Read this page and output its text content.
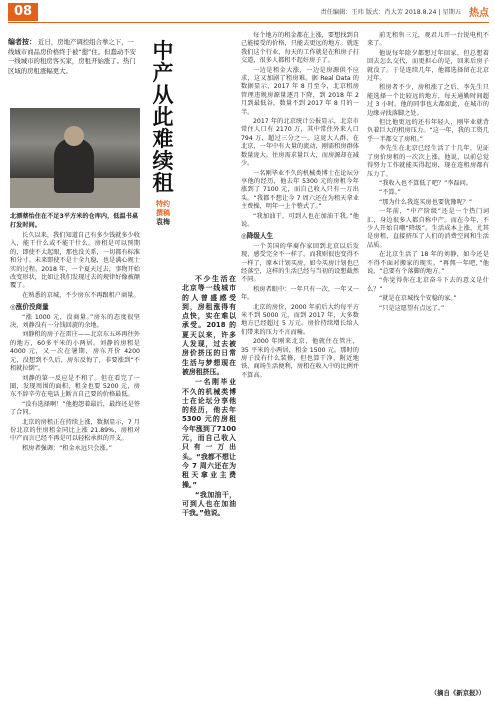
08	责任编辑：王玮 版式：肖大芳 2018.8.24 | 星期五 热点
编者按： 近日，房地产调控组合拳之下，一线城市商品房价格终于被“摁”住。但蠢动不安一线城市的租房客买家，房租开始涨了。热门区域的房租涨幅更大。
北漂蔡怡住在不足3平方米的仓库内，低温书桌打发时间。

长久以来，我们知道自己有多少钱就多少收入，能干什么或不能干什么。房租是可以预期的，即使不太起眼，那也没关系，一切都有标准和分寸。未来即使不是十全九稳，也是满心规士实的过程。2018 年，一个夏天过去，事物开始改变形状，比如让我们发现过去的规律好像被颠覆了。

在熟悉的京城，不少房东不再跟租户商量。

◎涨价没商量

“涨 1000 元，没商量。”房东的态度很坚决，刘静没有一分钱回旋的余地。

刘静租的房子在雷庄——北京东五环再往外的地方，60多平米的小两居。刘静的房租是4000 元，又一次在暑期，房东开价 4200 元，没想到不久后，房东反悔了，非要涨到“不租就拉倒”。

刘静的第一反应是不租了。但在看完了一圈，发现周围的面积，租金也要 5200 元，房东不辞辛劳在电话上断言自己要的价格最低。

“没有选择啊！”他抱怨着最后，最终还是签了合同。

北京的房租正在持续上涨，数据显示，7 月份北京的住房租金同比上涨 21.89%，房租对中产而言已经不再是可以轻松承担的开支。

租房者强调：“租金永远只会涨。”

中产从此难续租
特约撰稿
袁梅

不少生活在北京等一线城市的人曾盛感受到，房租涨得有点快，实在难以承受。2018 的夏天以来，许多人发现，过去被房价挤压的日常生活与梦想现在被房租挤压。

一名刚毕业不久的机械类博士在论坛分享他的经历，他去年 5300 元的房租今年涨到了7100元，而自己收入只有一万出头。“我都不想让今 7 周六还在为租天拿业主费操。”

“我加油干，可到人也在加油干我。”他说。

每个地方的租金都在上涨，要想找到自己能接受的价格，只能去更远的地方。就连我们这个行业，每天的工作就是在和房子打交道，很多人都租不起好房子了。

一边是租金大涨，一边是房源供不应求，这又加剧了租房难。据 Real Data 的数据显示，2017 年 8 月至今，北京租房管理违规房源量逐月下降，到 2018 年 2 月到最低谷，数量不到 2017 年 8 月的一半。

2017 年的北京统计公报显示，北京市常住人口有 2170 万，其中常住外来人口 794 万，超过三分之一。这庞大人群，在北京，一年中有大量的流动，刚需租房群体数量庞大。住房需求量巨大，而房源却在减少。

一名刚毕业不久的机械类博士在论坛分享他的经历，他去年 5300 元的房租今年涨到了 7100 元，而自己收入只有一万出头。“我都不想让今 7 周六还在为租天拿业主费操，明年一上个整式了。”

“我加油干，可到人也在加油干我。”他说。

◎降级人生

一个美国的华裔作家回到北京以后发现，感受完全不一样了。而我则很也变得不一样了，原本计划买房，如今买房计划也已经落空，这样的生活已经与当初的设想截然不同。

租房者眼中：一年只有一次，一年又一年。

北京的房价，2000 年前后大约每平方米不到 5000 元，而到 2017 年，大多数地方已经超过 5 万元。房价持续增长给人们带来的压力不言而喻。

2000 年刚来北京，他就住在管庄，35 平米的小两居，租金 1500 元。那时的房子没有什么装修，但也算干净，附近地铁、商场生活便利，房租在收入中的比例并不算高。

前无租售三元，观君儿开一台锐电机不来了。

他说每年除夕都想过年回家，但总想着回去怎么交代，而更担心的是，回来后房子就没了。于是连续几年，他都选择留在北京过年。

租房者不少，房租涨了之后，李先生只能选择一个比较远的地方，每天通勤时间超过 3 小时。他的同事也大都如此，在城市的边缘寻找落脚之处。

但比他更远的还有年轻人，刚毕业就背负着巨大的租房压力。“这一年，我的工资几乎一半都交了房租。”

李先生在北京已经生活了十几年，见证了房价房租的一次次上涨。他说，以前总觉得努力工作就能买得起房，现在连租房都有压力了。

“我收入也不算低了吧？”李磊问。

“不算。”

“那为什么我连买房也要犹豫呢？”

一年前，“中产阶级”还是一个热门词汇，身边很多人都自称中产。而在今年，不少人开始自嘲“降级”。生活成本上涨，尤其是房租，直接挤压了人们的消费空间和生活品质。

在北京生活了 18 年的刘静，如今还是不得不面对搬家的现实。“再熬一年吧，”他说，“总要有个落脚的地方。”

“你觉得你在北京奋斗下去的意义是什么？”

“就是在京城找个安稳的家。”

“只是这愿望有点远了。”

（摘自《新京报》）
